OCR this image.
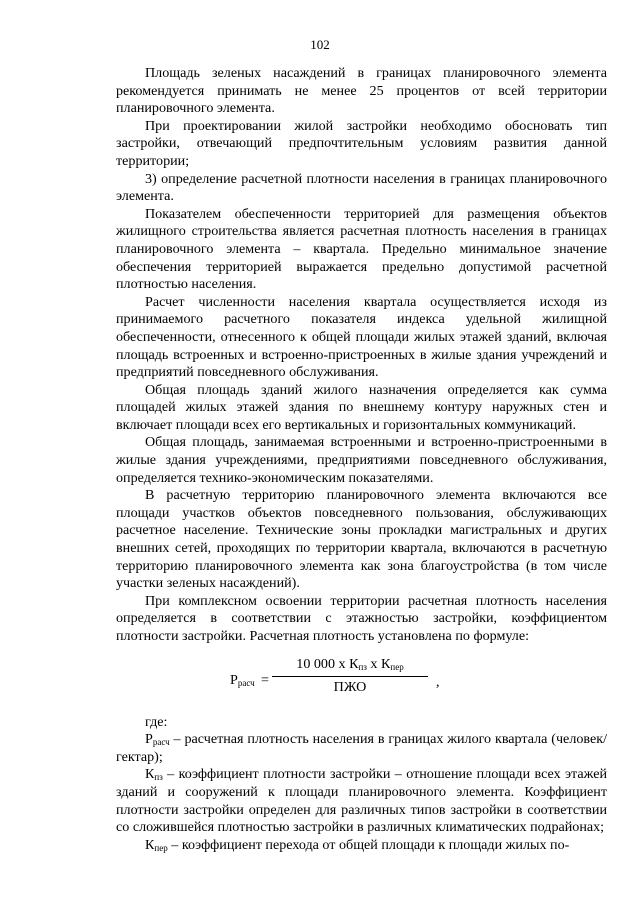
102

Площадь зеленых насаждений в границах планировочного элемента рекомендуется принимать не менее 25 процентов от всей территории планировочного элемента.

При проектировании жилой застройки необходимо обосновать тип застройки, отвечающий предпочтительным условиям развития данной территории;

3) определение расчетной плотности населения в границах планировочного элемента.

Показателем обеспеченности территорией для размещения объектов жилищного строительства является расчетная плотность населения в границах планировочного элемента – квартала. Предельно минимальное значение обеспечения территорией выражается предельно допустимой расчетной плотностью населения.

Расчет численности населения квартала осуществляется исходя из принимаемого расчетного показателя индекса удельной жилищной обеспеченности, отнесенного к общей площади жилых этажей зданий, включая площадь встроенных и встроенно-пристроенных в жилые здания учреждений и предприятий повседневного обслуживания.

Общая площадь зданий жилого назначения определяется как сумма площадей жилых этажей здания по внешнему контуру наружных стен и включает площади всех его вертикальных и горизонтальных коммуникаций.

Общая площадь, занимаемая встроенными и встроенно-пристроенными в жилые здания учреждениями, предприятиями повседневного обслуживания, определяется технико-экономическим показателями.

В расчетную территорию планировочного элемента включаются все площади участков объектов повседневного пользования, обслуживающих расчетное население. Технические зоны прокладки магистральных и других внешних сетей, проходящих по территории квартала, включаются в расчетную территорию планировочного элемента как зона благоустройства (в том числе участки зеленых насаждений).

При комплексном освоении территории расчетная плотность населения определяется в соответствии с этажностью застройки, коэффициентом плотности застройки. Расчетная плотность установлена по формуле:

$Р_{расч}$ =
10 000 х $К_{пз}$ х $К_{пер}$
ПЖО	,

где:

$Р_{расч}$ – расчетная плотность населения в границах жилого квартала (человек/гектар);

$К_{пз}$ – коэффициент плотности застройки – отношение площади всех этажей зданий и сооружений к площади планировочного элемента. Коэффициент плотности застройки определен для различных типов застройки в соответствии со сложившейся плотностью застройки в различных климатических подрайонах;

$К_{пер}$ – коэффициент перехода от общей площади к площади жилых по-
